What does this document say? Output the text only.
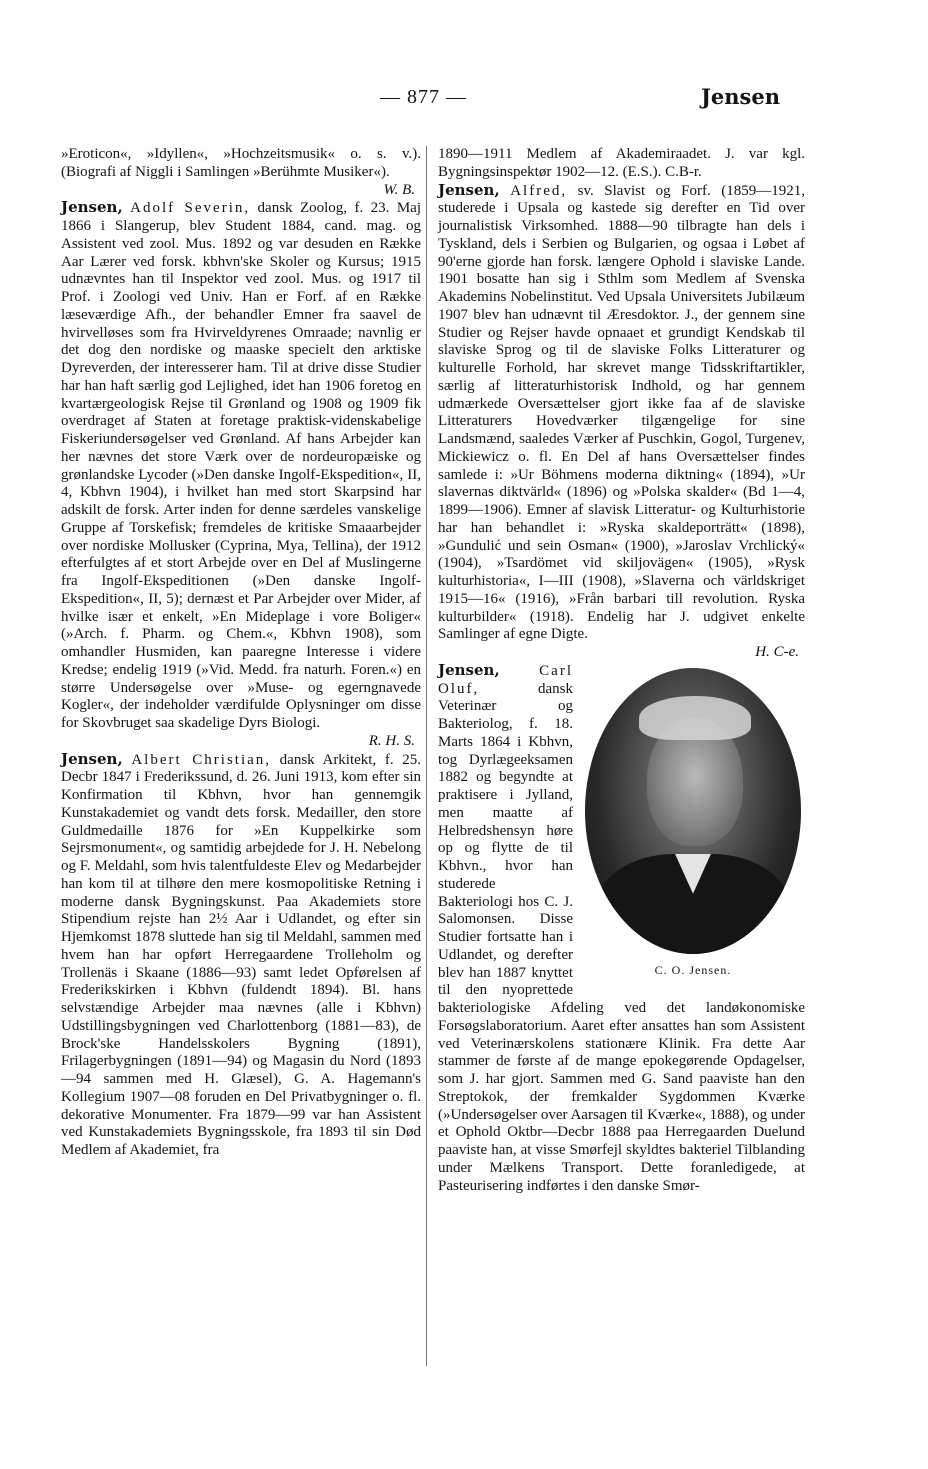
— 877 —	Jensen

»Eroticon«, »Idyllen«, »Hochzeitsmusik« o. s. v.). (Biografi af Niggli i Samlingen »Berühmte Musiker«).
W. B.

Jensen, Adolf Severin, dansk Zoolog, f. 23. Maj 1866 i Slangerup, blev Student 1884, cand. mag. og Assistent ved zool. Mus. 1892 og var desuden en Række Aar Lærer ved forsk. kbhvn'ske Skoler og Kursus; 1915 udnævntes han til Inspektor ved zool. Mus. og 1917 til Prof. i Zoologi ved Univ. Han er Forf. af en Række læseværdige Afh., der behandler Emner fra saavel de hvirvelløses som fra Hvirveldyrenes Omraade; navnlig er det dog den nordiske og maaske specielt den arktiske Dyreverden, der interesserer ham. Til at drive disse Studier har han haft særlig god Lejlighed, idet han 1906 foretog en kvartærgeologisk Rejse til Grønland og 1908 og 1909 fik overdraget af Staten at foretage praktisk-videnskabelige Fiskeriundersøgelser ved Grønland. Af hans Arbejder kan her nævnes det store Værk over de nordeuropæiske og grønlandske Lycoder (»Den danske Ingolf-Ekspedition«, II, 4, Kbhvn 1904), i hvilket han med stort Skarpsind har adskilt de forsk. Arter inden for denne særdeles vanskelige Gruppe af Torskefisk; fremdeles de kritiske Smaaarbejder over nordiske Mollusker (Cyprina, Mya, Tellina), der 1912 efterfulgtes af et stort Arbejde over en Del af Muslingerne fra Ingolf-Ekspeditionen (»Den danske Ingolf-Ekspedition«, II, 5); dernæst et Par Arbejder over Mider, af hvilke især et enkelt, »En Mideplage i vore Boliger« (»Arch. f. Pharm. og Chem.«, Kbhvn 1908), som omhandler Husmiden, kan paaregne Interesse i videre Kredse; endelig 1919 (»Vid. Medd. fra naturh. Foren.«) en større Undersøgelse over »Muse- og egerngnavede Kogler«, der indeholder værdifulde Oplysninger om disse for Skovbruget saa skadelige Dyrs Biologi.
R. H. S.

Jensen, Albert Christian, dansk Arkitekt, f. 25. Decbr 1847 i Frederikssund, d. 26. Juni 1913, kom efter sin Konfirmation til Kbhvn, hvor han gennemgik Kunstakademiet og vandt dets forsk. Medailler, den store Guldmedaille 1876 for »En Kuppelkirke som Sejrsmonument«, og samtidig arbejdede for J. H. Nebelong og F. Meldahl, som hvis talentfuldeste Elev og Medarbejder han kom til at tilhøre den mere kosmopolitiske Retning i moderne dansk Bygningskunst. Paa Akademiets store Stipendium rejste han 2½ Aar i Udlandet, og efter sin Hjemkomst 1878 sluttede han sig til Meldahl, sammen med hvem han har opført Herregaardene Trolleholm og Trollenäs i Skaane (1886—93) samt ledet Opførelsen af Frederikskirken i Kbhvn (fuldendt 1894). Bl. hans selvstændige Arbejder maa nævnes (alle i Kbhvn) Udstillingsbygningen ved Charlottenborg (1881—83), de Brock'ske Handelsskolers Bygning (1891), Frilagerbygningen (1891—94) og Magasin du Nord (1893—94 sammen med H. Glæsel), G. A. Hagemann's Kollegium 1907—08 foruden en Del Privatbygninger o. fl. dekorative Monumenter. Fra 1879—99 var han Assistent ved Kunstakademiets Bygningsskole, fra 1893 til sin Død Medlem af Akademiet, fra

1890—1911 Medlem af Akademiraadet. J. var kgl. Bygningsinspektør 1902—12. (E.S.). C.B-r.

Jensen, Alfred, sv. Slavist og Forf. (1859—1921, studerede i Upsala og kastede sig derefter en Tid over journalistisk Virksomhed. 1888—90 tilbragte han dels i Tyskland, dels i Serbien og Bulgarien, og ogsaa i Løbet af 90'erne gjorde han forsk. længere Ophold i slaviske Lande. 1901 bosatte han sig i Sthlm som Medlem af Svenska Akademins Nobelinstitut. Ved Upsala Universitets Jubilæum 1907 blev han udnævnt til Æresdoktor. J., der gennem sine Studier og Rejser havde opnaaet et grundigt Kendskab til slaviske Sprog og til de slaviske Folks Litteraturer og kulturelle Forhold, har skrevet mange Tidsskriftartikler, særlig af litteraturhistorisk Indhold, og har gennem udmærkede Oversættelser gjort ikke faa af de slaviske Litteraturers Hovedværker tilgængelige for sine Landsmænd, saaledes Værker af Puschkin, Gogol, Turgenev, Mickiewicz o. fl. En Del af hans Oversættelser findes samlede i: »Ur Böhmens moderna diktning« (1894), »Ur slavernas diktvärld« (1896) og »Polska skalder« (Bd 1—4, 1899—1906). Emner af slavisk Litteratur- og Kulturhistorie har han behandlet i: »Ryska skaldeporträtt« (1898), »Gundulić und sein Osman« (1900), »Jaroslav Vrchlický« (1904), »Tsardömet vid skiljovägen« (1905), »Rysk kulturhistoria«, I—III (1908), »Slaverna och världskriget 1915—16« (1916), »Från barbari till revolution. Ryska kulturbilder« (1918). Endelig har J. udgivet enkelte Samlinger af egne Digte.
H. C-e.

C. O. Jensen.
Jensen,	Carl Oluf,	dansk Veterinær og Bakteriolog, f. 18. Marts 1864 i Kbhvn, tog Dyrlægeeksamen 1882 og begyndte at praktisere i Jylland, men maatte af Helbredshensyn høre op og flytte de til Kbhvn., hvor han studerede Bakteriologi hos C. J. Salomonsen. Disse Studier fortsatte han i Udlandet, og derefter blev han 1887 knyttet til den nyoprettede bakteriologiske Afdeling ved det landøkonomiske Forsøgslaboratorium. Aaret efter ansattes han som Assistent ved Veterinærskolens stationære Klinik. Fra dette Aar stammer de første af de mange epokegørende Opdagelser, som J. har gjort. Sammen med G. Sand paaviste han den Streptokok, der fremkalder Sygdommen Kværke (»Undersøgelser over Aarsagen til Kværke«, 1888), og under et Ophold Oktbr—Decbr 1888 paa Herregaarden Duelund paaviste han, at visse Smørfejl skyldtes bakteriel Tilblanding under Mælkens Transport. Dette foranledigede, at Pasteurisering indførtes i den danske Smør-
